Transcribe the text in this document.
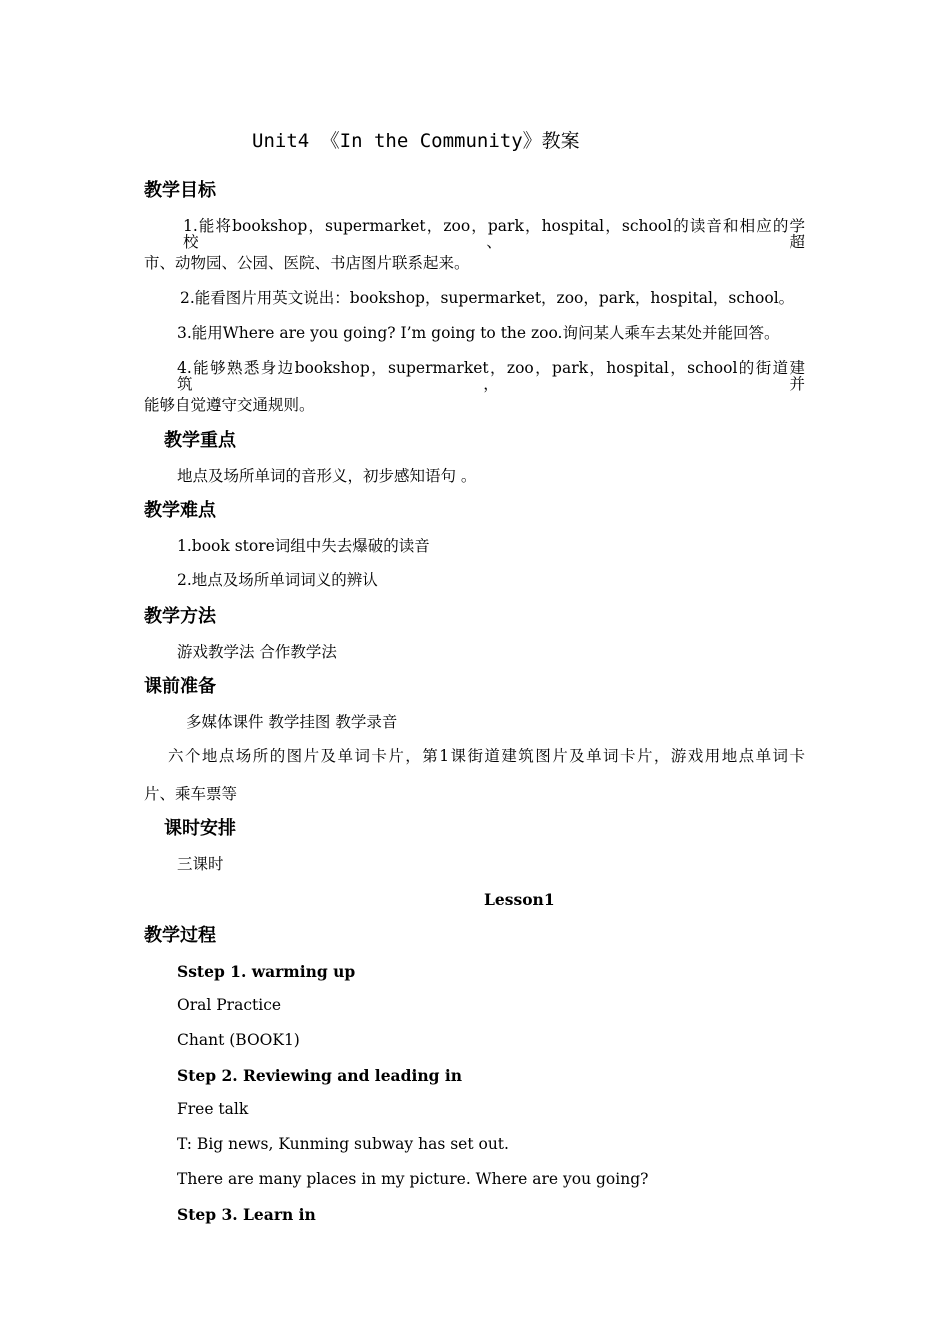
Unit4 《In the Community》教案
教学目标
1.能将bookshop，supermarket，zoo，park，hospital，school的读音和相应的学校、超
市、动物园、公园、医院、书店图片联系起来。
2.能看图片用英文说出：bookshop，supermarket，zoo，park，hospital，school。
3.能用Where are you going? I’m going to the zoo.询问某人乘车去某处并能回答。
4.能够熟悉身边bookshop，supermarket，zoo，park，hospital，school的街道建筑，并
能够自觉遵守交通规则。
教学重点
地点及场所单词的音形义，初步感知语句 。
教学难点
1.book store词组中失去爆破的读音
2.地点及场所单词词义的辨认
教学方法
游戏教学法 合作教学法
课前准备
多媒体课件 教学挂图 教学录音
六个地点场所的图片及单词卡片，第1课街道建筑图片及单词卡片，游戏用地点单词卡
片、乘车票等
课时安排
三课时
Lesson1
教学过程
Sstep 1. warming up
Oral Practice
Chant (BOOK1)
Step 2. Reviewing and leading in
Free talk
T: Big news, Kunming subway has set out.
There are many places in my picture. Where are you going?
Step 3. Learn in
